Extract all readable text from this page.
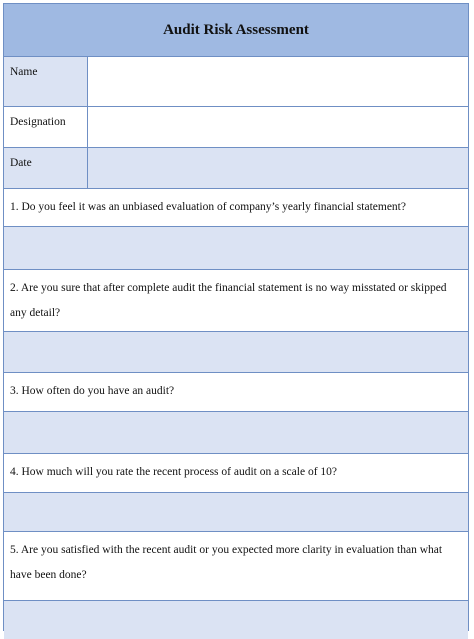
Audit Risk Assessment
Name
Designation
Date
1. Do you feel it was an unbiased evaluation of company’s yearly financial statement?
2. Are you sure that after complete audit the financial statement is no way misstated or skipped any detail?
3. How often do you have an audit?
4. How much will you rate the recent process of audit on a scale of 10?
5. Are you satisfied with the recent audit or you expected more clarity in evaluation than what have been done?
